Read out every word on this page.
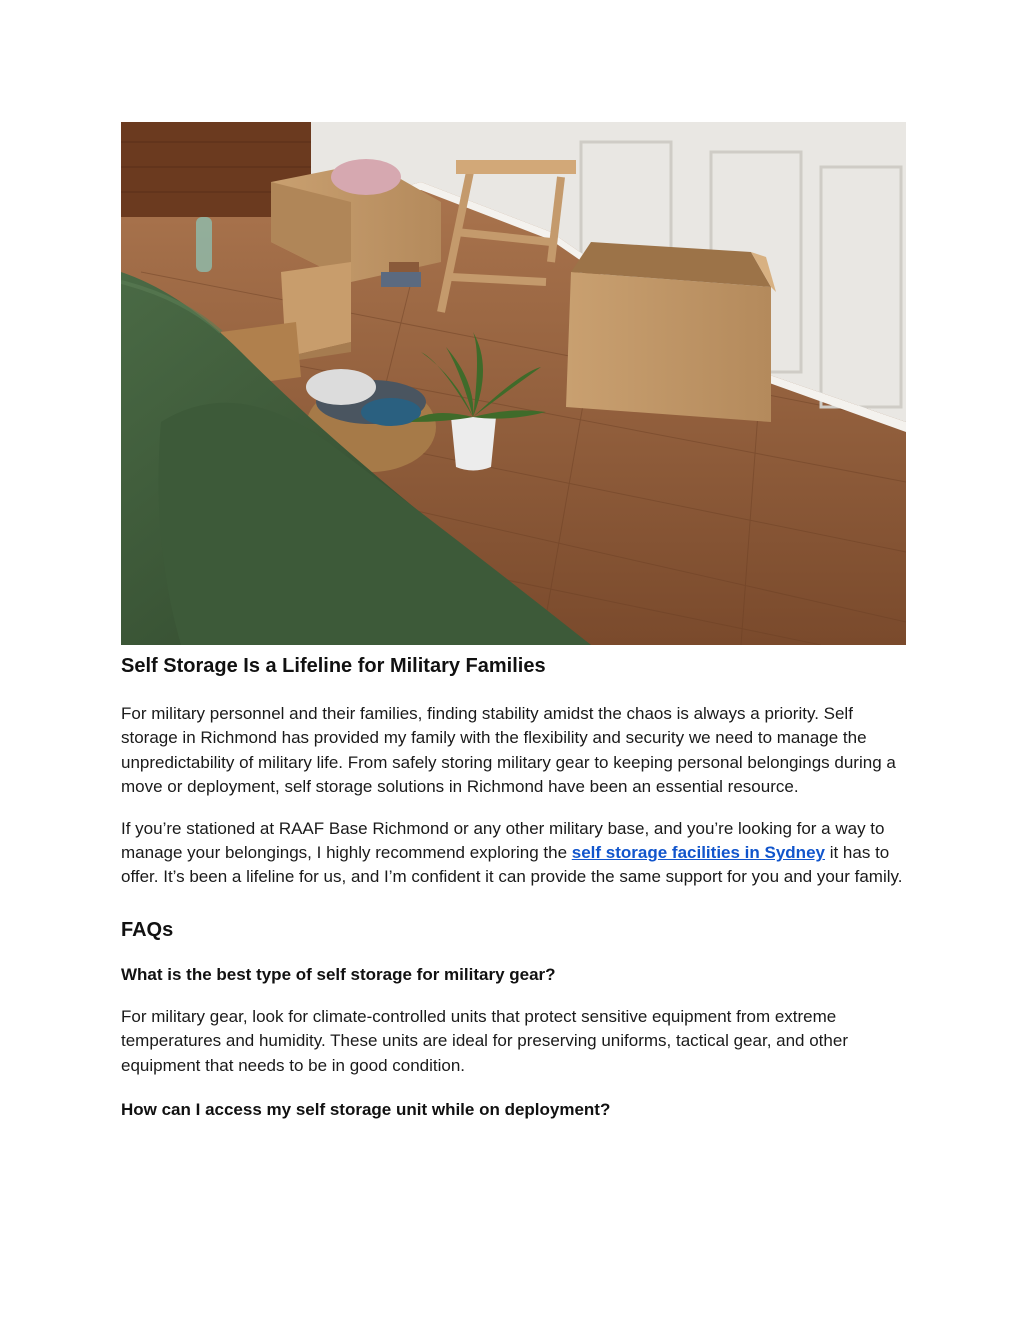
Self Storage Is a Lifeline for Military Families

For military personnel and their families, finding stability amidst the chaos is always a priority. Self storage in Richmond has provided my family with the flexibility and security we need to manage the unpredictability of military life. From safely storing military gear to keeping personal belongings during a move or deployment, self storage solutions in Richmond have been an essential resource.

If you’re stationed at RAAF Base Richmond or any other military base, and you’re looking for a way to manage your belongings, I highly recommend exploring the self storage facilities in Sydney it has to offer. It’s been a lifeline for us, and I’m confident it can provide the same support for you and your family.

FAQs

What is the best type of self storage for military gear?

For military gear, look for climate-controlled units that protect sensitive equipment from extreme temperatures and humidity. These units are ideal for preserving uniforms, tactical gear, and other equipment that needs to be in good condition.

How can I access my self storage unit while on deployment?
